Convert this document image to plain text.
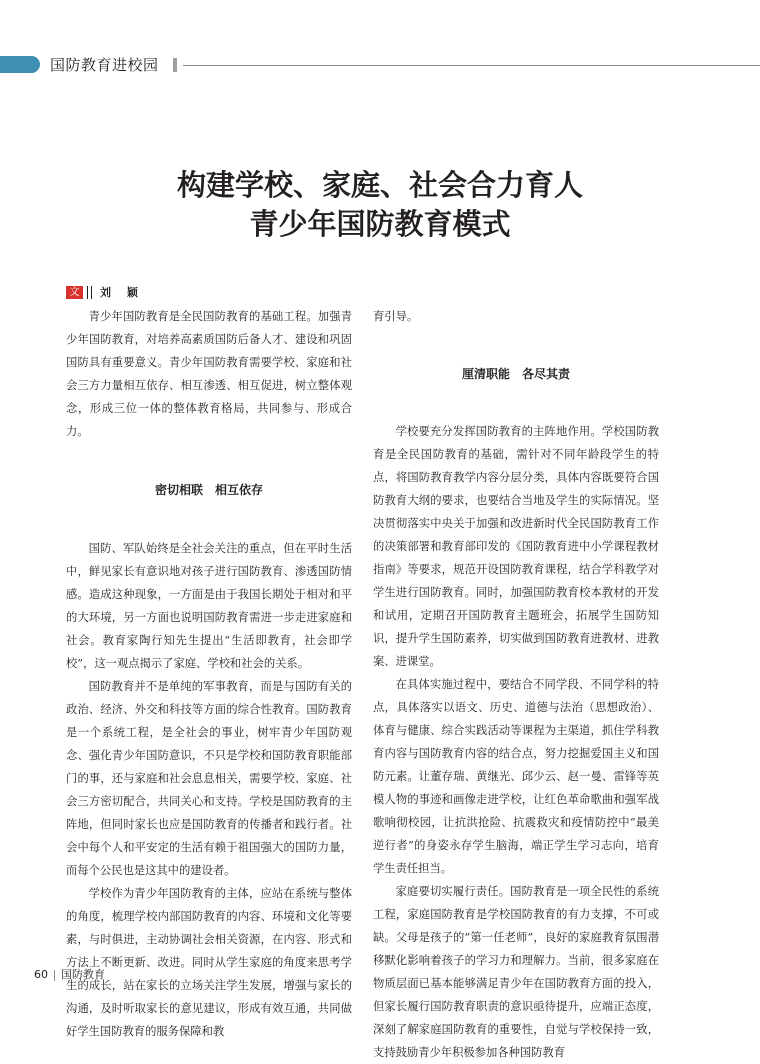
国防教育进校园
构建学校、家庭、社会合力育人
青少年国防教育模式
文	刘 颖

青少年国防教育是全民国防教育的基础工程。加强青少年国防教育，对培养高素质国防后备人才、建设和巩固国防具有重要意义。青少年国防教育需要学校、家庭和社会三方力量相互依存、相互渗透、相互促进，树立整体观念，形成三位一体的整体教育格局，共同参与、形成合力。

密切相联　相互依存

国防、军队始终是全社会关注的重点，但在平时生活中，鲜见家长有意识地对孩子进行国防教育、渗透国防情感。造成这种现象，一方面是由于我国长期处于相对和平的大环境，另一方面也说明国防教育需进一步走进家庭和社会。教育家陶行知先生提出“生活即教育，社会即学校”，这一观点揭示了家庭、学校和社会的关系。

国防教育并不是单纯的军事教育，而是与国防有关的政治、经济、外交和科技等方面的综合性教育。国防教育是一个系统工程，是全社会的事业，树牢青少年国防观念、强化青少年国防意识，不只是学校和国防教育职能部门的事，还与家庭和社会息息相关，需要学校、家庭、社会三方密切配合，共同关心和支持。学校是国防教育的主阵地，但同时家长也应是国防教育的传播者和践行者。社会中每个人和平安定的生活有赖于祖国强大的国防力量，而每个公民也是这其中的建设者。

学校作为青少年国防教育的主体，应站在系统与整体的角度，梳理学校内部国防教育的内容、环境和文化等要素，与时俱进，主动协调社会相关资源，在内容、形式和方法上不断更新、改进。同时从学生家庭的角度来思考学生的成长，站在家长的立场关注学生发展，增强与家长的沟通，及时听取家长的意见建议，形成有效互通，共同做好学生国防教育的服务保障和教

育引导。

厘清职能　各尽其责

学校要充分发挥国防教育的主阵地作用。学校国防教育是全民国防教育的基础，需针对不同年龄段学生的特点，将国防教育教学内容分层分类，具体内容既要符合国防教育大纲的要求，也要结合当地及学生的实际情况。坚决贯彻落实中央关于加强和改进新时代全民国防教育工作的决策部署和教育部印发的《国防教育进中小学课程教材指南》等要求，规范开设国防教育课程，结合学科教学对学生进行国防教育。同时，加强国防教育校本教材的开发和试用，定期召开国防教育主题班会，拓展学生国防知识，提升学生国防素养，切实做到国防教育进教材、进教案、进课堂。

在具体实施过程中，要结合不同学段、不同学科的特点，具体落实以语文、历史、道德与法治（思想政治）、体育与健康、综合实践活动等课程为主渠道，抓住学科教育内容与国防教育内容的结合点，努力挖掘爱国主义和国防元素。让董存瑞、黄继光、邱少云、赵一曼、雷锋等英模人物的事迹和画像走进学校，让红色革命歌曲和强军战歌响彻校园，让抗洪抢险、抗震救灾和疫情防控中“最美逆行者”的身姿永存学生脑海，端正学生学习志向，培育学生责任担当。

家庭要切实履行责任。国防教育是一项全民性的系统工程，家庭国防教育是学校国防教育的有力支撑，不可或缺。父母是孩子的“第一任老师”，良好的家庭教育氛围潜移默化影响着孩子的学习力和理解力。当前，很多家庭在物质层面已基本能够满足青少年在国防教育方面的投入，但家长履行国防教育职责的意识亟待提升，应端正态度，深刻了解家庭国防教育的重要性，自觉与学校保持一致，支持鼓励青少年积极参加各种国防教育

60 国防教育
